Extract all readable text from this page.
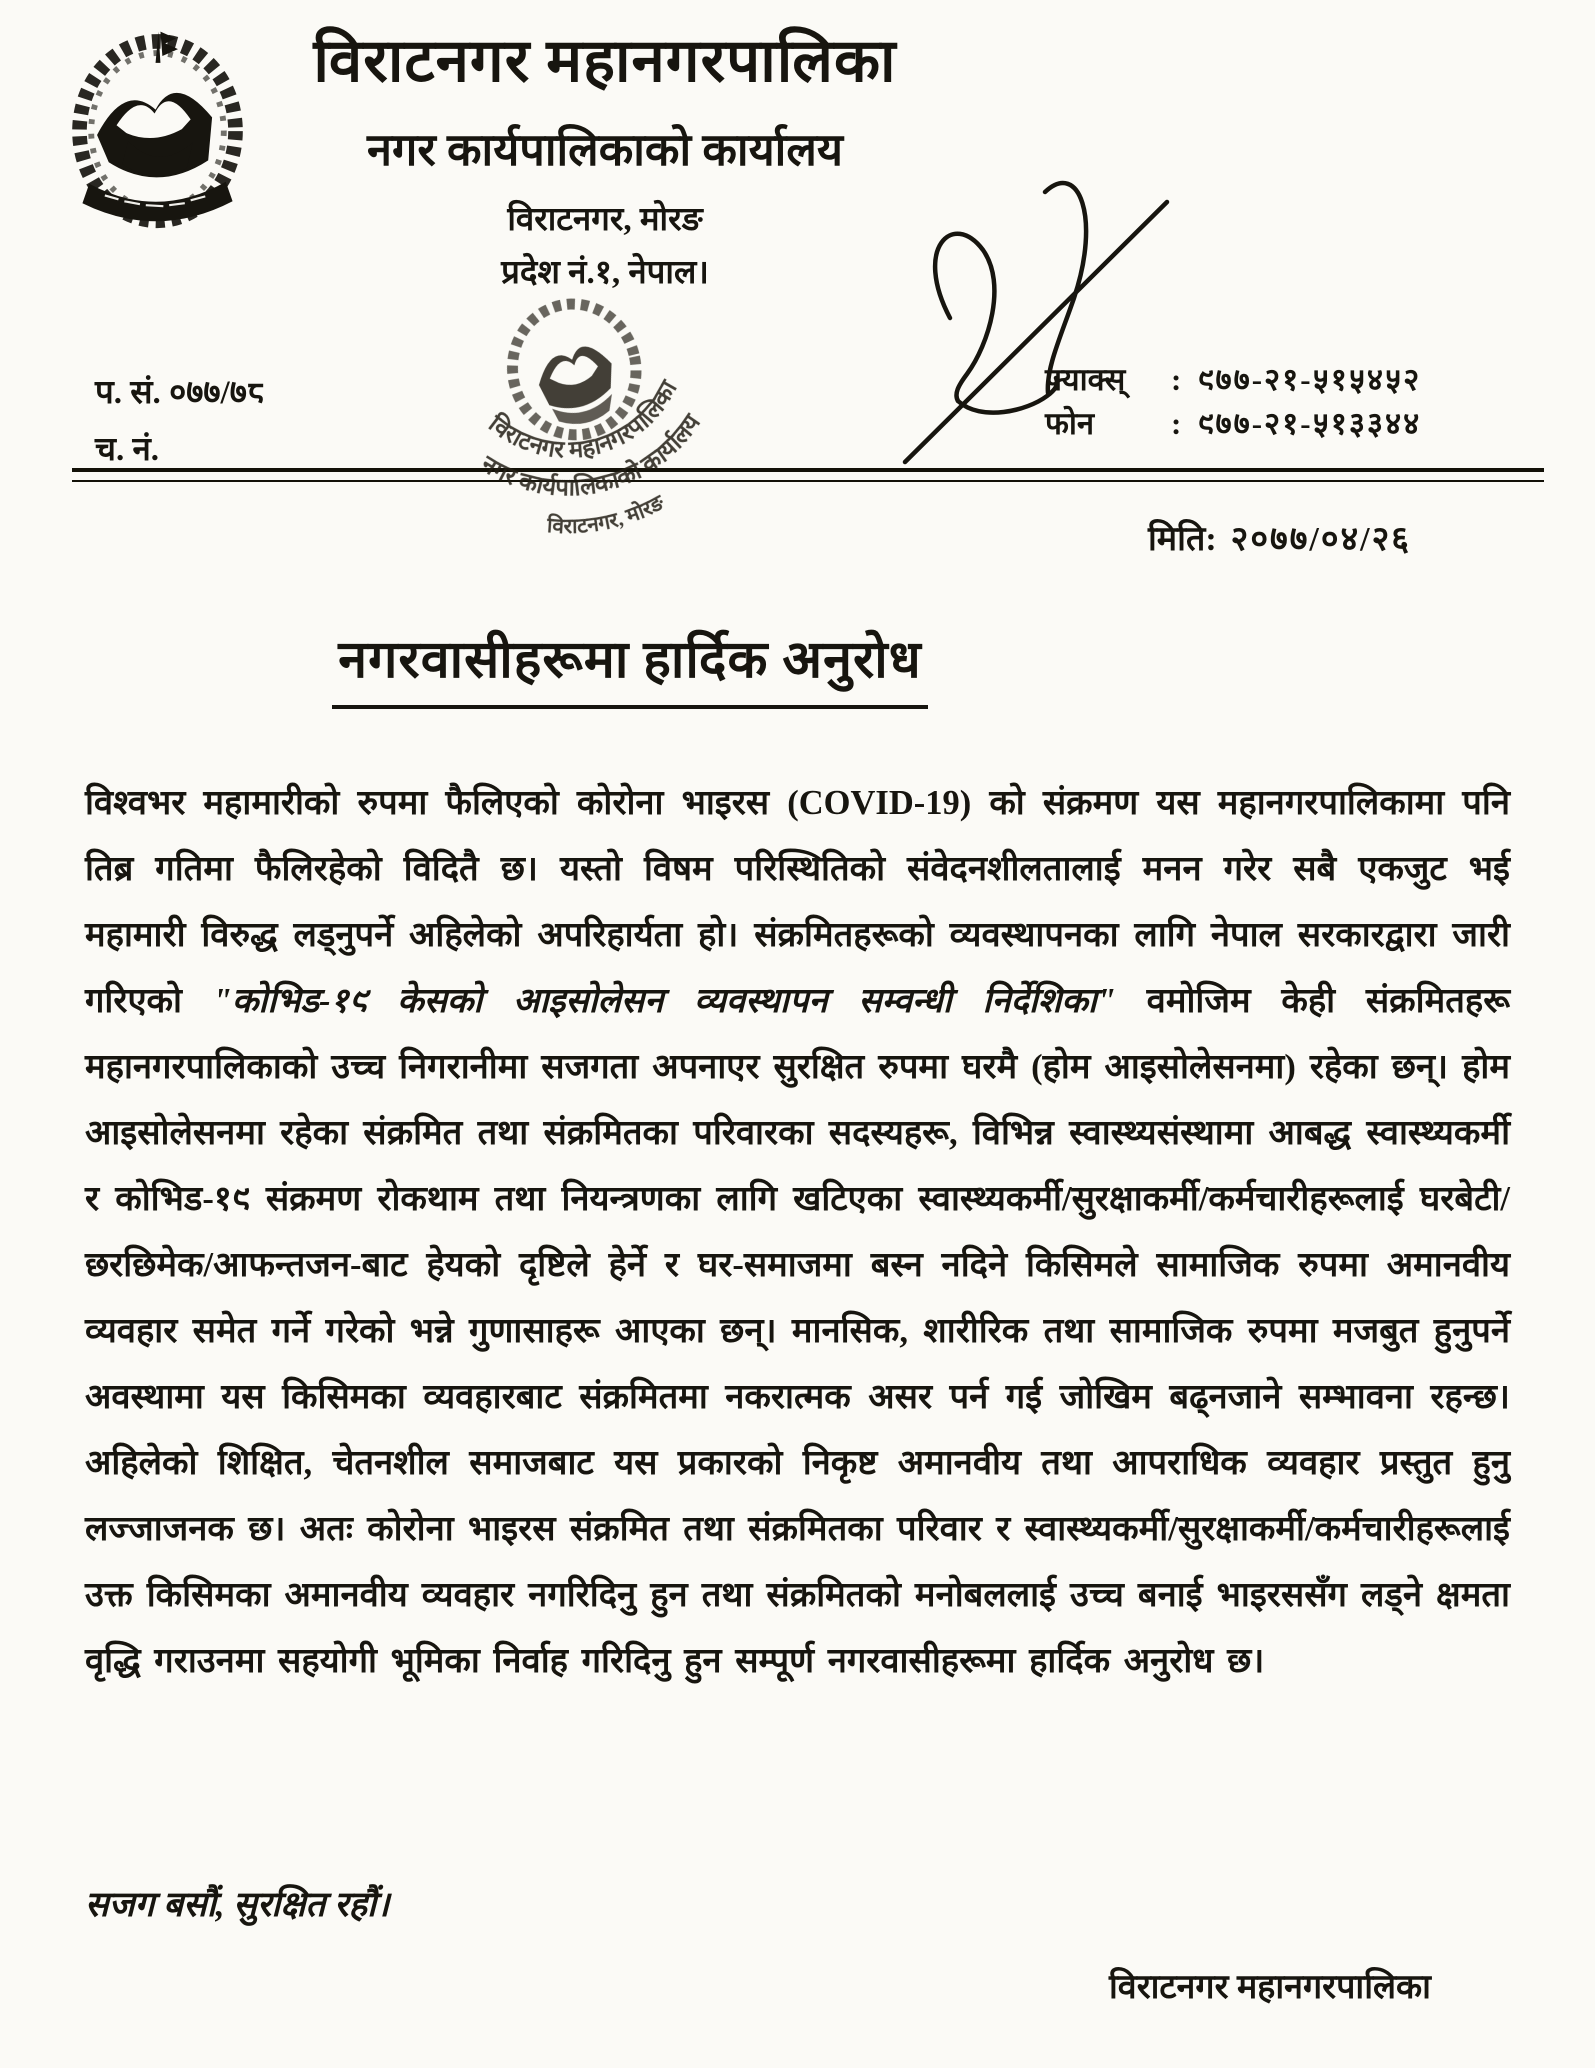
विराटनगर महानगरपालिका
नगर कार्यपालिकाको कार्यालय
विराटनगर, मोरङ
प्रदेश नं.१, नेपाल।
प. सं. ०७७/७८
च. नं.
फ्याक्स्	: ९७७-२१-५१५४५२
फोन	: ९७७-२१-५१३३४४
विराटनगर महानगरपालिका
नगर कार्यपालिकाको कार्यालय
विराटनगर, मोरङ
मिति: २०७७/०४/२६
नगरवासीहरूमा हार्दिक अनुरोध

विश्वभर महामारीको रुपमा फैलिएको कोरोना भाइरस (COVID-19) को संक्रमण यस महानगरपालिकामा पनि तिब्र गतिमा फैलिरहेको विदितै छ। यस्तो विषम परिस्थितिको संवेदनशीलतालाई मनन गरेर सबै एकजुट भई महामारी विरुद्ध लड्नुपर्ने अहिलेको अपरिहार्यता हो। संक्रमितहरूको व्यवस्थापनका लागि नेपाल सरकारद्वारा जारी गरिएको "कोभिड-१९ केसको आइसोलेसन व्यवस्थापन सम्वन्धी निर्देशिका" वमोजिम केही संक्रमितहरू महानगरपालिकाको उच्च निगरानीमा सजगता अपनाएर सुरक्षित रुपमा घरमै (होम आइसोलेसनमा) रहेका छन्। होम आइसोलेसनमा रहेका संक्रमित तथा संक्रमितका परिवारका सदस्यहरू, विभिन्न स्वास्थ्यसंस्थामा आबद्ध स्वास्थ्यकर्मी र कोभिड-१९ संक्रमण रोकथाम तथा नियन्त्रणका लागि खटिएका स्वास्थ्यकर्मी/सुरक्षाकर्मी/कर्मचारीहरूलाई घरबेटी/छरछिमेक/आफन्तजन-बाट हेयको दृष्टिले हेर्ने र घर-समाजमा बस्न नदिने किसिमले सामाजिक रुपमा अमानवीय व्यवहार समेत गर्ने गरेको भन्ने गुणासाहरू आएका छन्। मानसिक, शारीरिक तथा सामाजिक रुपमा मजबुत हुनुपर्ने अवस्थामा यस किसिमका व्यवहारबाट संक्रमितमा नकरात्मक असर पर्न गई जोखिम बढ्नजाने सम्भावना रहन्छ। अहिलेको शिक्षित, चेतनशील समाजबाट यस प्रकारको निकृष्ट अमानवीय तथा आपराधिक व्यवहार प्रस्तुत हुनु लज्जाजनक छ। अतः कोरोना भाइरस संक्रमित तथा संक्रमितका परिवार र स्वास्थ्यकर्मी/सुरक्षाकर्मी/कर्मचारीहरूलाई उक्त किसिमका अमानवीय व्यवहार नगरिदिनु हुन तथा संक्रमितको मनोबललाई उच्च बनाई भाइरससँग लड्ने क्षमता वृद्धि गराउनमा सहयोगी भूमिका निर्वाह गरिदिनु हुन सम्पूर्ण नगरवासीहरूमा हार्दिक अनुरोध छ।

सजग बसौं, सुरक्षित रहौं।
विराटनगर महानगरपालिका
